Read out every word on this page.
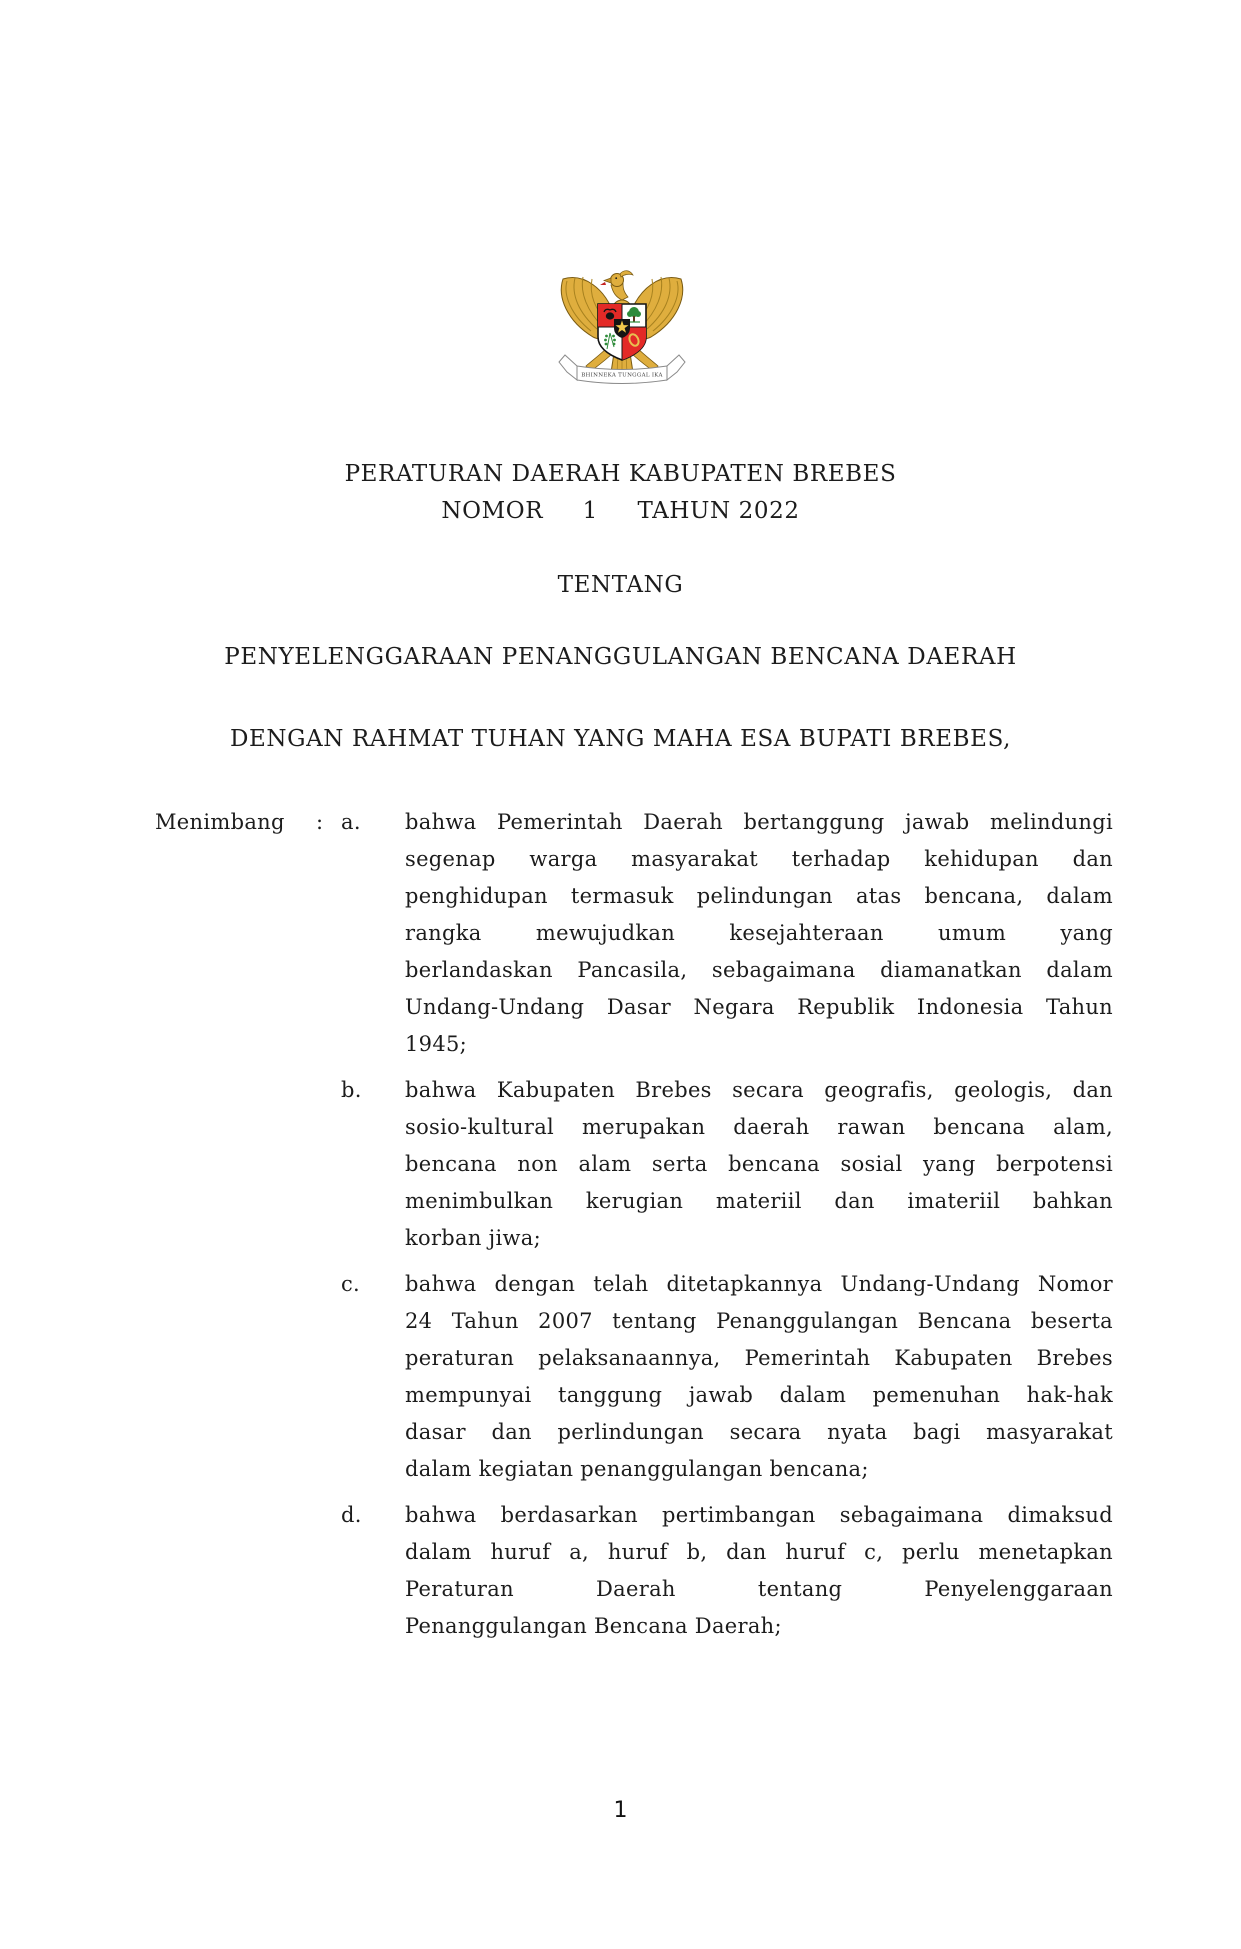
BHINNEKA TUNGGAL IKA
PERATURAN DAERAH KABUPATEN BREBES
NOMOR     1     TAHUN 2022
TENTANG
PENYELENGGARAAN PENANGGULANGAN BENCANA DAERAH
DENGAN RAHMAT TUHAN YANG MAHA ESA BUPATI BREBES,
Menimbang	: a. bahwa Pemerintah Daerah bertanggung jawab melindungi
segenap warga masyarakat terhadap kehidupan dan
penghidupan termasuk pelindungan atas bencana, dalam
rangka mewujudkan kesejahteraan umum yang
berlandaskan Pancasila, sebagaimana diamanatkan dalam
Undang-Undang Dasar Negara Republik Indonesia Tahun
1945;
b. bahwa Kabupaten Brebes secara geografis, geologis, dan
sosio-kultural merupakan daerah rawan bencana alam,
bencana non alam serta bencana sosial yang berpotensi
menimbulkan kerugian materiil dan imateriil bahkan
korban jiwa;
c. bahwa dengan telah ditetapkannya Undang-Undang Nomor
24 Tahun 2007 tentang Penanggulangan Bencana beserta
peraturan pelaksanaannya, Pemerintah Kabupaten Brebes
mempunyai tanggung jawab dalam pemenuhan hak-hak
dasar dan perlindungan secara nyata bagi masyarakat
dalam kegiatan penanggulangan bencana;
d. bahwa berdasarkan pertimbangan sebagaimana dimaksud
dalam huruf a, huruf b, dan huruf c, perlu menetapkan
Peraturan Daerah tentang Penyelenggaraan
Penanggulangan Bencana Daerah;
1
